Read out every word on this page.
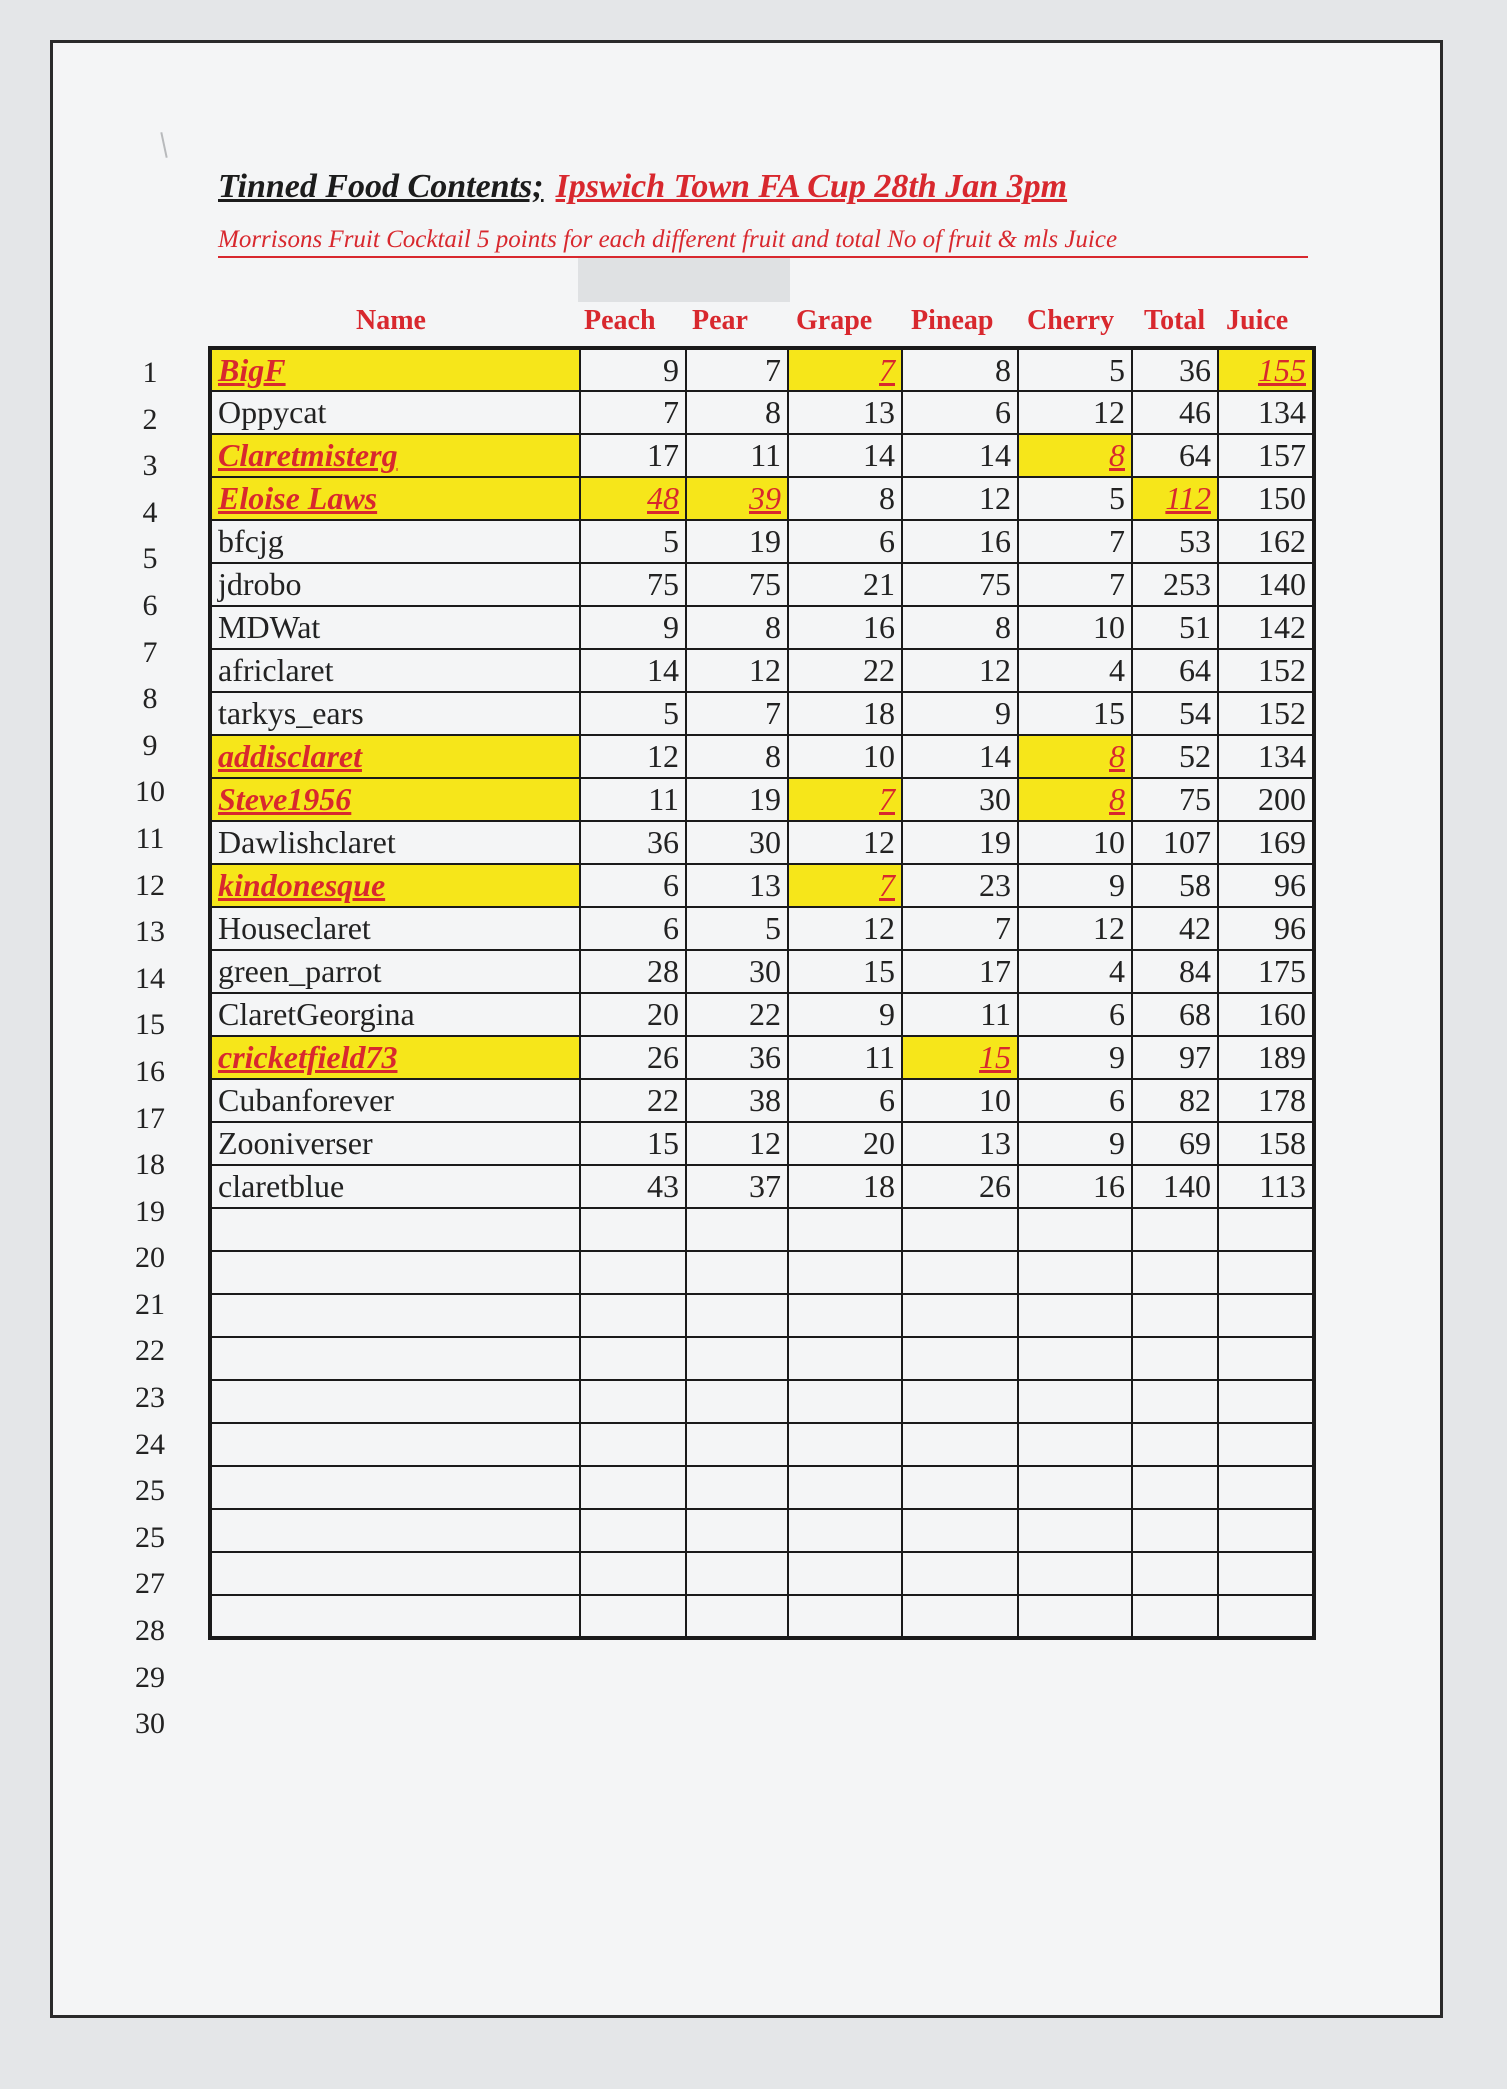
Tinned Food Contents; Ipswich Town FA Cup 28th Jan 3pm
Morrisons Fruit Cocktail 5 points for each different fruit and total No of fruit & mls Juice
Name	Peach Pear Grape Pineap Cherry Total Juice
1
2
3
4
5
6
7
8
9
10
11
12
13
14
15
16
17
18
19
20
21
22
23
24
25
25
27
28
29
30
BigF	9	7	7	8	5	36	155
Oppycat	7	8	13	6	12	46	134
Claretmisterg	17	11	14	14	8	64	157
Eloise Laws	48	39	8	12	5	112	150
bfcjg	5	19	6	16	7	53	162
jdrobo	75	75	21	75	7	253	140
MDWat	9	8	16	8	10	51	142
africlaret	14	12	22	12	4	64	152
tarkys_ears	5	7	18	9	15	54	152
addisclaret	12	8	10	14	8	52	134
Steve1956	11	19	7	30	8	75	200
Dawlishclaret	36	30	12	19	10	107	169
kindonesque	6	13	7	23	9	58	96
Houseclaret	6	5	12	7	12	42	96
green_parrot	28	30	15	17	4	84	175
ClaretGeorgina	20	22	9	11	6	68	160
cricketfield73	26	36	11	15	9	97	189
Cubanforever	22	38	6	10	6	82	178
Zooniverser	15	12	20	13	9	69	158
claretblue	43	37	18	26	16	140	113
